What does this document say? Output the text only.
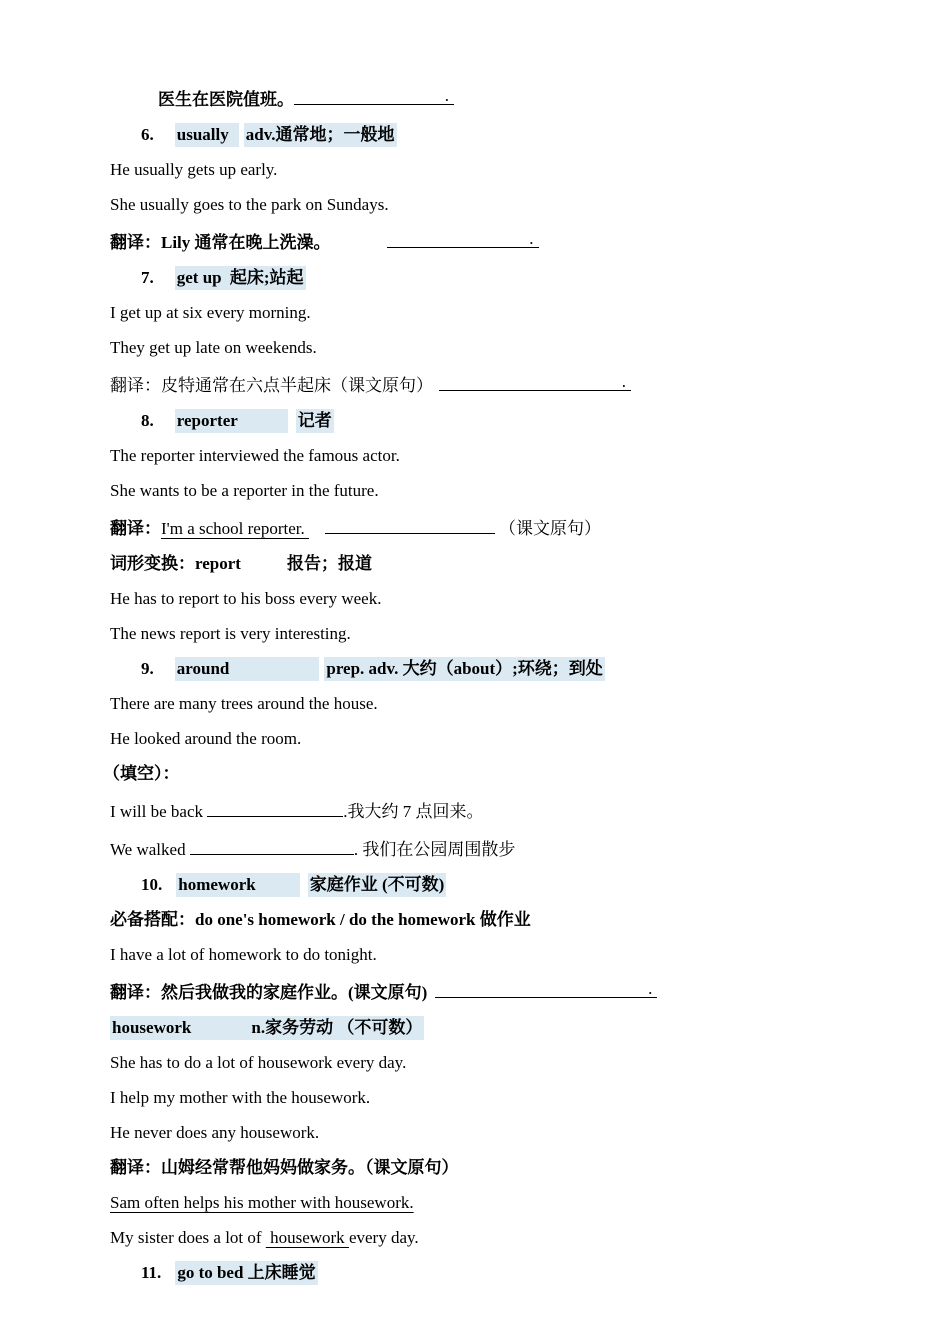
医生在医院值班。	.
6. usually adv.通常地；一般地
He usually gets up early.
She usually goes to the park on Sundays.
翻译：Lily 通常在晚上洗澡。	.
7. get up 起床;站起
I get up at six every morning.
They get up late on weekends.
翻译：皮特通常在六点半起床（课文原句）	.
8. reporter	记者
The reporter interviewed the famous actor.
She wants to be a reporter in the future.
翻译：I'm a school reporter.	（课文原句）
词形变换：report	报告；报道
He has to report to his boss every week.
The news report is very interesting.
9. around	prep. adv. 大约（about）;环绕；到处
There are many trees around the house.
He looked around the room.
（填空）：
I will be back	.我大约 7 点回来。
We walked	. 我们在公园周围散步
10. homework	家庭作业 (不可数)
必备搭配：do one's homework / do the homework 做作业
I have a lot of homework to do tonight.
翻译：然后我做我的家庭作业。(课文原句)	.
housework	n.家务劳动 （不可数）
She has to do a lot of housework every day.
I help my mother with the housework.
He never does any housework.
翻译：山姆经常帮他妈妈做家务。（课文原句）
Sam often helps his mother with housework.
My sister does a lot of  housework every day.
11. go to bed 上床睡觉
